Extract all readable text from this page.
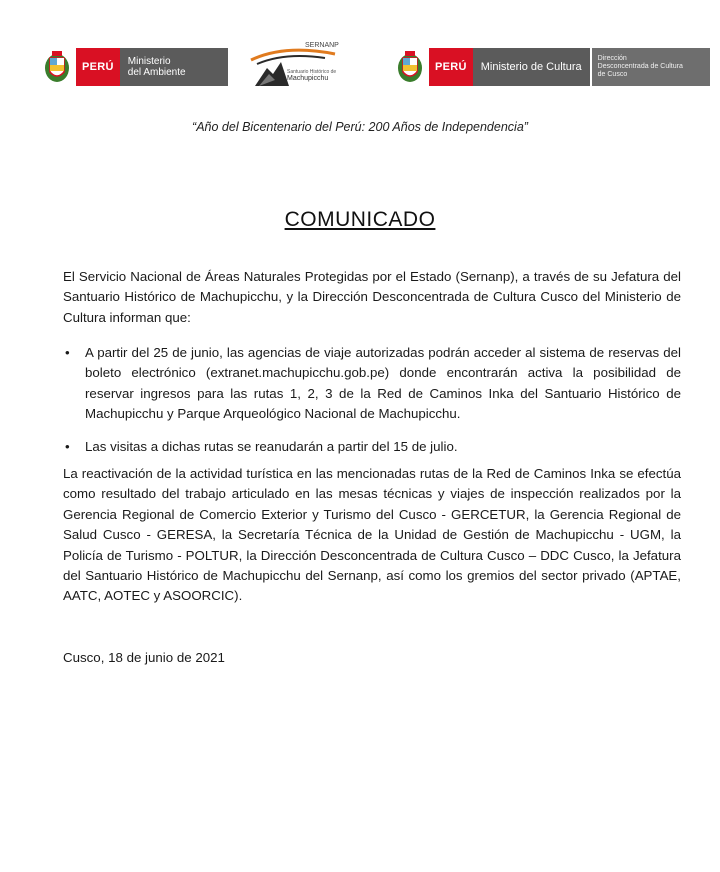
PERÚ	Ministerio
del Ambiente
SERNANP
Santuario Histórico de
Machupicchu
PERÚ	Ministerio de Cultura
Dirección
Desconcentrada de Cultura
de Cusco
“Año del Bicentenario del Perú: 200 Años de Independencia”
COMUNICADO
El Servicio Nacional de Áreas Naturales Protegidas por el Estado (Sernanp), a través de su Jefatura del Santuario Histórico de Machupicchu, y la Dirección Desconcentrada de Cultura Cusco del Ministerio de Cultura informan que:
• A partir del 25 de junio, las agencias de viaje autorizadas podrán acceder al sistema de reservas del boleto electrónico (extranet.machupicchu.gob.pe) donde encontrarán activa la posibilidad de reservar ingresos para las rutas 1, 2, 3 de la Red de Caminos Inka del Santuario Histórico de Machupicchu y Parque Arqueológico Nacional de Machupicchu.
• Las visitas a dichas rutas se reanudarán a partir del 15 de julio.
La reactivación de la actividad turística en las mencionadas rutas de la Red de Caminos Inka se efectúa como resultado del trabajo articulado en las mesas técnicas y viajes de inspección realizados por la Gerencia Regional de Comercio Exterior y Turismo del Cusco - GERCETUR, la Gerencia Regional de Salud Cusco - GERESA, la Secretaría Técnica de la Unidad de Gestión de Machupicchu - UGM, la Policía de Turismo - POLTUR, la Dirección Desconcentrada de Cultura Cusco – DDC Cusco, la Jefatura del Santuario Histórico de Machupicchu del Sernanp, así como los gremios del sector privado (APTAE, AATC, AOTEC y ASOORCIC).
Cusco, 18 de junio de 2021
